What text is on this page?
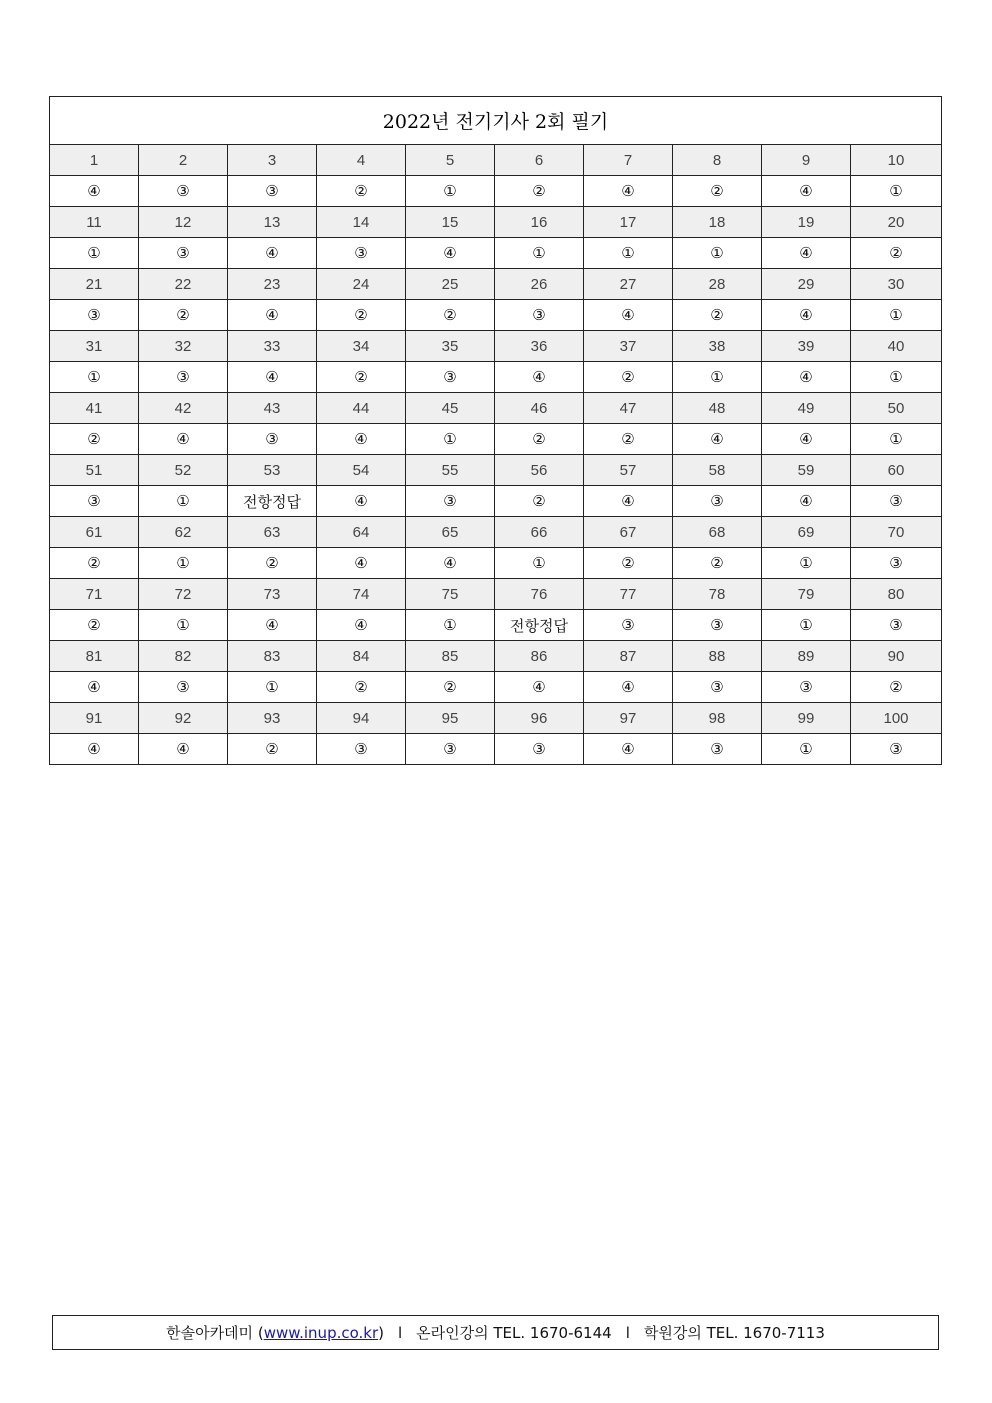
2022년 전기기사 2회 필기									
1	2	3	4	5	6	7	8	9	10
④	③	③	②	①	②	④	②	④	①
11	12	13	14	15	16	17	18	19	20
①	③	④	③	④	①	①	①	④	②
21	22	23	24	25	26	27	28	29	30
③	②	④	②	②	③	④	②	④	①
31	32	33	34	35	36	37	38	39	40
①	③	④	②	③	④	②	①	④	①
41	42	43	44	45	46	47	48	49	50
②	④	③	④	①	②	②	④	④	①
51	52	53	54	55	56	57	58	59	60
③	①	전항정답	④	③	②	④	③	④	③
61	62	63	64	65	66	67	68	69	70
②	①	②	④	④	①	②	②	①	③
71	72	73	74	75	76	77	78	79	80
②	①	④	④	①	전항정답	③	③	①	③
81	82	83	84	85	86	87	88	89	90
④	③	①	②	②	④	④	③	③	②
91	92	93	94	95	96	97	98	99	100
④	④	②	③	③	③	④	③	①	③
한솔아카데미
( www.inup.co.kr ) l 온라인강의 TEL. 1670-6144 l 학원강의 TEL. 1670-7113
